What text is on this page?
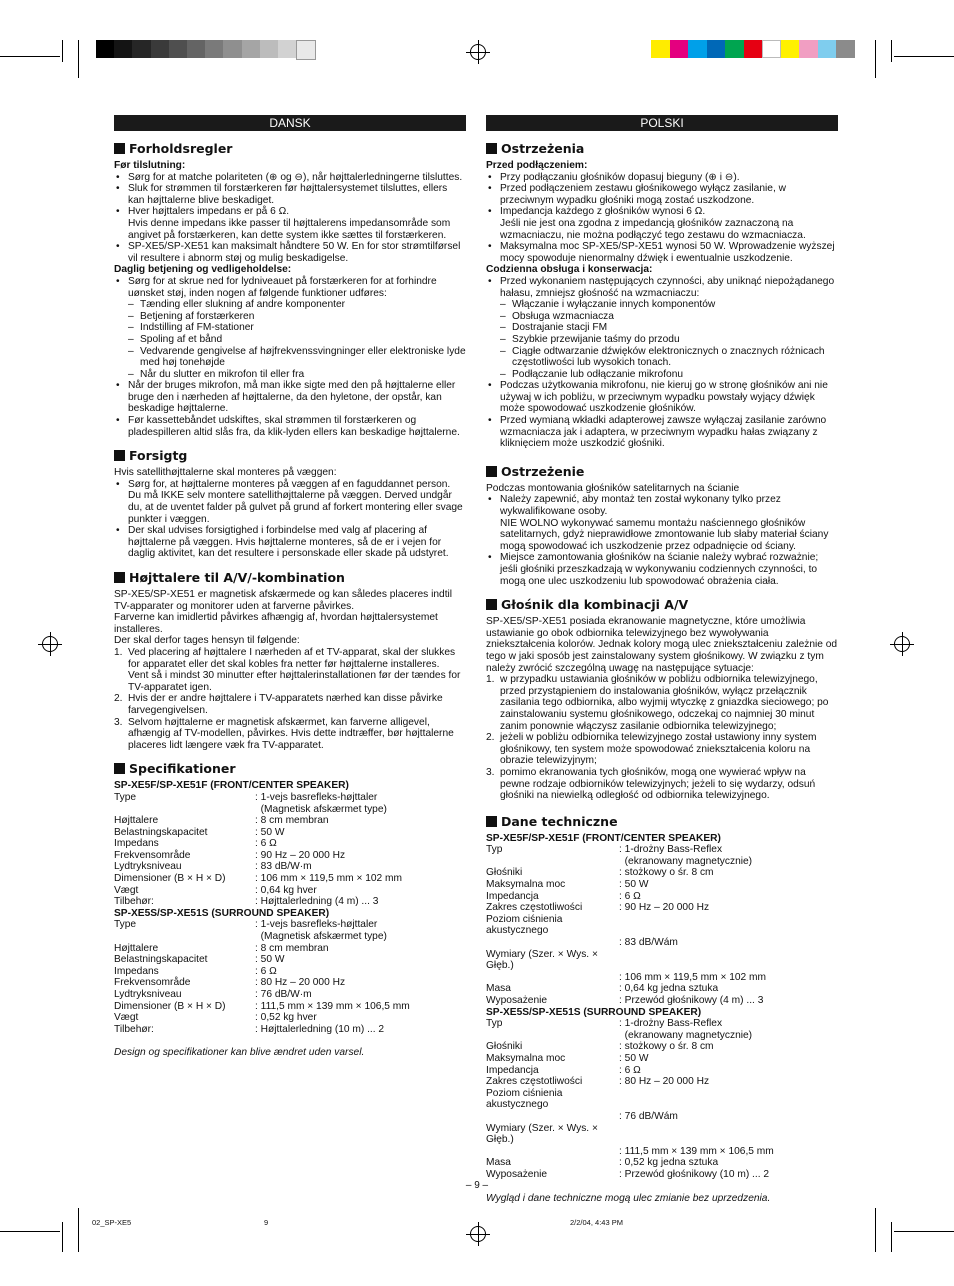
DANSK
Forholdsregler
Før tilslutning:
• Sørg for at matche polariteten (⊕ og ⊖), når højttalerledningerne tilsluttes.
• Sluk for strømmen til forstærkeren før højttalersystemet tilsluttes, ellers kan højttalerne blive beskadiget.
• Hver højttalers impedans er på 6 Ω.
Hvis denne impedans ikke passer til højttalerens impedansområde som angivet på forstærkeren, kan dette system ikke sættes til forstærkeren.
• SP-XE5/SP-XE51 kan maksimalt håndtere 50 W. En for stor strømtilførsel vil resultere i abnorm støj og mulig beskadigelse.
Daglig betjening og vedligeholdelse:
• Sørg for at skrue ned for lydniveauet på forstærkeren for at forhindre uønsket støj, inden nogen af følgende funktioner udføres:
– Tænding eller slukning af andre komponenter
– Betjening af forstærkeren
– Indstilling af FM-stationer
– Spoling af et bånd
– Vedvarende gengivelse af højfrekvenssvingninger eller elektroniske lyde med høj tonehøjde
– Når du slutter en mikrofon til eller fra
• Når der bruges mikrofon, må man ikke sigte med den på højttalerne eller bruge den i nærheden af højttalerne, da den hyletone, der opstår, kan beskadige højttalerne.
• Før kassettebåndet udskiftes, skal strømmen til forstærkeren og pladespilleren altid slås fra, da klik-lyden ellers kan beskadige højttalerne.
Forsigtg
Hvis satellithøjttalerne skal monteres på væggen:
• Sørg for, at højttalerne monteres på væggen af en faguddannet person. Du må IKKE selv montere satellithøjttalerne på væggen. Derved undgår du, at de uventet falder på gulvet på grund af forkert montering eller svage punkter i væggen.
• Der skal udvises forsigtighed i forbindelse med valg af placering af højttalerne på væggen. Hvis højttalerne monteres, så de er i vejen for daglig aktivitet, kan det resultere i personskade eller skade på udstyret.
Højttalere til A/V/-kombination
SP-XE5/SP-XE51 er magnetisk afskærmede og kan således placeres indtil TV-apparater og monitorer uden at farverne påvirkes.
Farverne kan imidlertid påvirkes afhængig af, hvordan højttalersystemet installeres.
Der skal derfor tages hensyn til følgende:
1. Ved placering af højttalere I nærheden af et TV-apparat, skal der slukkes for apparatet eller det skal kobles fra netter før højttalerne installeres.
Vent så i mindst 30 minutter efter højttalerinstallationen før der tændes for TV-apparatet igen.
2. Hvis der er andre højttalere i TV-apparatets nærhed kan disse påvirke farvegengivelsen.
3. Selvom højttalerne er magnetisk afskærmet, kan farverne alligevel, afhængig af TV-modellen, påvirkes. Hvis dette indtræffer, bør højttalerne placeres lidt længere væk fra TV-apparatet.
Specifikationer
SP-XE5F/SP-XE51F (FRONT/CENTER SPEAKER)
Type	: 1-vejs basrefleks-højttaler
(Magnetisk afskærmet type)
Højttalere	: 8 cm membran
Belastningskapacitet	: 50 W
Impedans	: 6 Ω
Frekvensområde	: 90 Hz – 20 000 Hz
Lydtryksniveau	: 83 dB/W·m
Dimensioner (B × H × D)	: 106 mm × 119,5 mm × 102 mm
Vægt	: 0,64 kg hver
Tilbehør:	: Højttalerledning (4 m) ... 3
SP-XE5S/SP-XE51S (SURROUND SPEAKER)
Type	: 1-vejs basrefleks-højttaler
(Magnetisk afskærmet type)
Højttalere	: 8 cm membran
Belastningskapacitet	: 50 W
Impedans	: 6 Ω
Frekvensområde	: 80 Hz – 20 000 Hz
Lydtryksniveau	: 76 dB/W·m
Dimensioner (B × H × D)	: 111,5 mm × 139 mm × 106,5 mm
Vægt	: 0,52 kg hver
Tilbehør:	: Højttalerledning (10 m) ... 2
Design og specifikationer kan blive ændret uden varsel.
POLSKI
Ostrzeżenia
Przed podłączeniem:
• Przy podłączaniu głośników dopasuj bieguny (⊕ i ⊖).
• Przed podłączeniem zestawu głośnikowego wyłącz zasilanie, w przeciwnym wypadku głośniki mogą zostać uszkodzone.
• Impedancja każdego z głośników wynosi 6 Ω.
Jeśli nie jest ona zgodna z impedancją głośników zaznaczoną na wzmacniaczu, nie można podłączyć tego zestawu do wzmacniacza.
• Maksymalna moc SP-XE5/SP-XE51 wynosi 50 W. Wprowadzenie wyższej mocy spowoduje nienormalny dźwięk i ewentualnie uszkodzenie.
Codzienna obsługa i konserwacja:
• Przed wykonaniem następujących czynności, aby uniknąć niepożądanego hałasu, zmniejsz głośność na wzmacniaczu:
– Włączanie i wyłączanie innych komponentów
– Obsługa wzmacniacza
– Dostrajanie stacji FM
– Szybkie przewijanie taśmy do przodu
– Ciągłe odtwarzanie dźwięków elektronicznych o znacznych różnicach częstotliwości lub wysokich tonach.
– Podłączanie lub odłączanie mikrofonu
• Podczas użytkowania mikrofonu, nie kieruj go w stronę głośników ani nie używaj w ich pobliżu, w przeciwnym wypadku powstały wyjący dźwięk może spowodować uszkodzenie głośników.
• Przed wymianą wkładki adapterowej zawsze wyłączaj zasilanie zarówno wzmacniacza jak i adaptera, w przeciwnym wypadku hałas związany z kliknięciem może uszkodzić głośniki.
Ostrzeżenie
Podczas montowania głośników satelitarnych na ścianie
• Należy zapewnić, aby montaż ten został wykonany tylko przez wykwalifikowane osoby.
NIE WOLNO wykonywać samemu montażu naściennego głośników satelitarnych, gdyż nieprawidłowe zmontowanie lub słaby materiał ściany mogą spowodować ich uszkodzenie przez odpadnięcie od ściany.
• Miejsce zamontowania głośników na ścianie należy wybrać rozważnie; jeśli głośniki przeszkadzają w wykonywaniu codziennych czynności, to mogą one ulec uszkodzeniu lub spowodować obrażenia ciała.
Głośnik dla kombinacji A/V
SP-XE5/SP-XE51 posiada ekranowanie magnetyczne, które umożliwia ustawianie go obok odbiornika telewizyjnego bez wywoływania zniekształcenia kolorów. Jednak kolory mogą ulec zniekształceniu zależnie od tego w jaki sposób jest zainstalowany system głośnikowy. W związku z tym należy zwrócić szczególną uwagę na następujące sytuacje:
1. w przypadku ustawiania głośników w pobliżu odbiornika telewizyjnego, przed przystąpieniem do instalowania głośników, wyłącz przełącznik zasilania tego odbiornika, albo wyjmij wtyczkę z gniazdka sieciowego; po zainstalowaniu systemu głośnikowego, odczekaj co najmniej 30 minut zanim ponownie włączysz zasilanie odbiornika telewizyjnego;
2. jeżeli w pobliżu odbiornika telewizyjnego został ustawiony inny system głośnikowy, ten system może spowodować zniekształcenia koloru na obrazie telewizyjnym;
3. pomimo ekranowania tych głośników, mogą one wywierać wpływ na pewne rodzaje odbiorników telewizyjnych; jeżeli to się wydarzy, odsuń głośniki na niewielką odległość od odbiornika telewizyjnego.
Dane techniczne
SP-XE5F/SP-XE51F (FRONT/CENTER SPEAKER)
Typ	: 1-drożny Bass-Reflex
(ekranowany magnetycznie)
Głośniki	: stożkowy o śr. 8 cm
Maksymalna moc	: 50 W
Impedancja	: 6 Ω
Zakres częstotliwości	: 90 Hz – 20 000 Hz
Poziom ciśnienia akustycznego
: 83 dB/Wám
Wymiary (Szer. × Wys. × Głęb.)
: 106 mm × 119,5 mm × 102 mm
Masa	: 0,64 kg jedna sztuka
Wyposażenie	: Przewód głośnikowy (4 m) ... 3
SP-XE5S/SP-XE51S (SURROUND SPEAKER)
Typ	: 1-drożny Bass-Reflex
(ekranowany magnetycznie)
Głośniki	: stożkowy o śr. 8 cm
Maksymalna moc	: 50 W
Impedancja	: 6 Ω
Zakres częstotliwości	: 80 Hz – 20 000 Hz
Poziom ciśnienia akustycznego
: 76 dB/Wám
Wymiary (Szer. × Wys. × Głęb.)
: 111,5 mm × 139 mm × 106,5 mm
Masa	: 0,52 kg jedna sztuka
Wyposażenie	: Przewód głośnikowy (10 m) ... 2
Wygląd i dane techniczne mogą ulec zmianie bez uprzedzenia.
– 9 –
02_SP-XE5	9	2/2/04, 4:43 PM
